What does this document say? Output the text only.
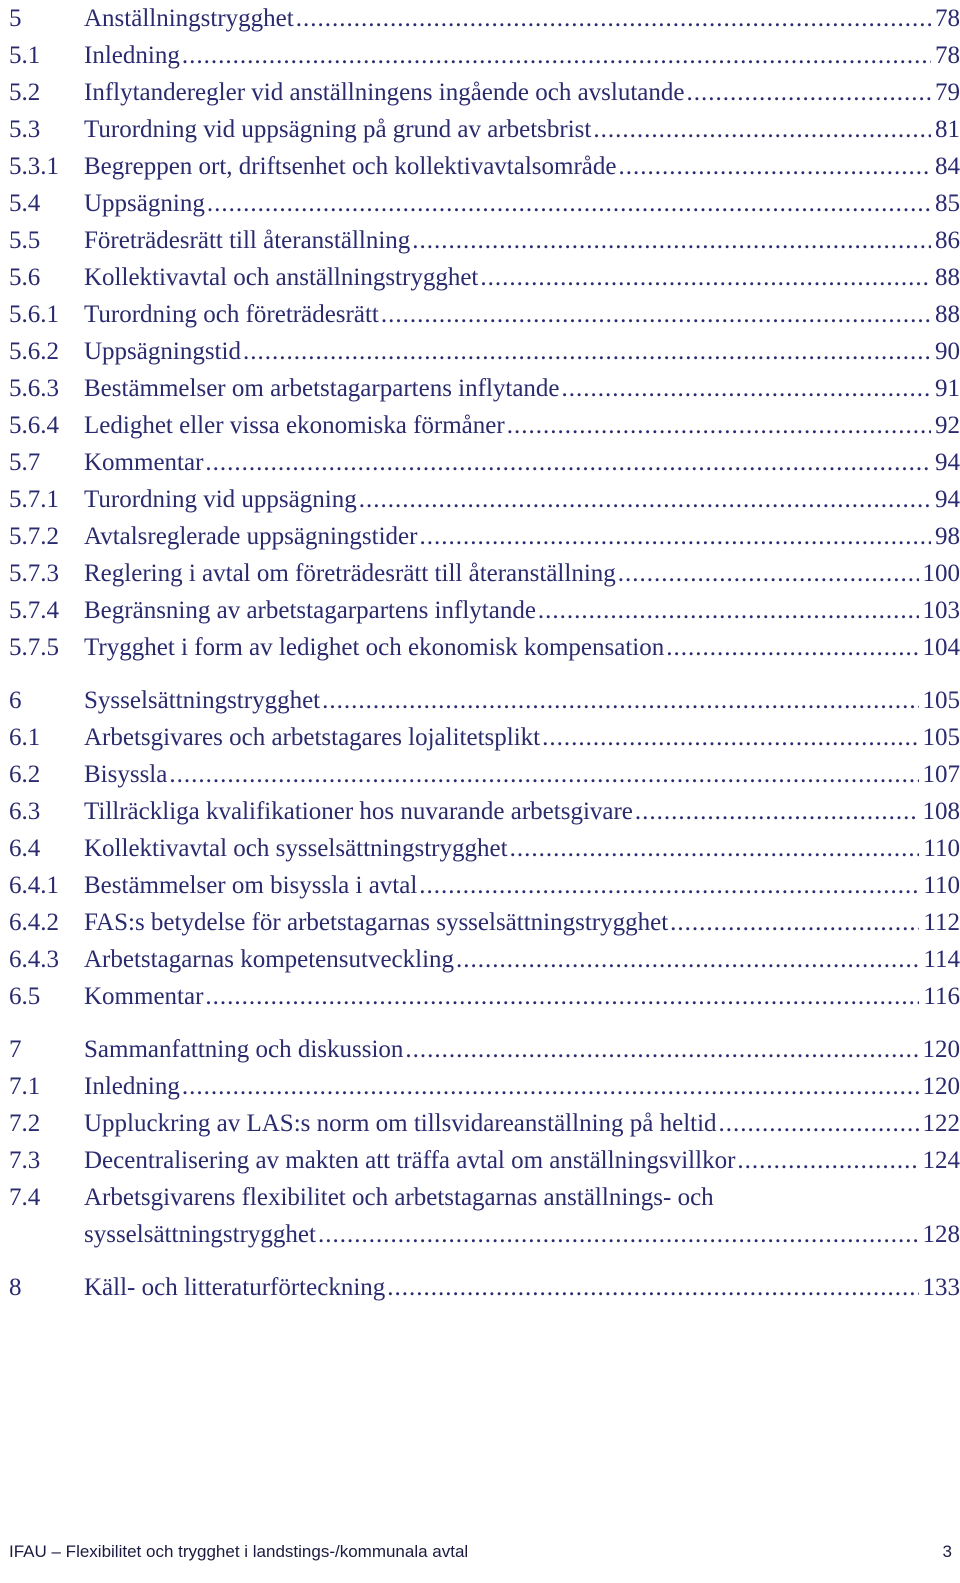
5	Anställningstrygghet .....	78
5.1	Inledning .....	78
5.2	Inflytanderegler vid anställningens ingående och avslutande .....	79
5.3	Turordning vid uppsägning på grund av arbetsbrist .....	81
5.3.1	Begreppen ort, driftsenhet och kollektivavtalsområde .....	84
5.4	Uppsägning .....	85
5.5	Företrädesrätt till återanställning .....	86
5.6	Kollektivavtal och anställningstrygghet .....	88
5.6.1	Turordning och företrädesrätt .....	88
5.6.2	Uppsägningstid .....	90
5.6.3	Bestämmelser om arbetstagarpartens inflytande .....	91
5.6.4	Ledighet eller vissa ekonomiska förmåner .....	92
5.7	Kommentar .....	94
5.7.1	Turordning vid uppsägning .....	94
5.7.2	Avtalsreglerade uppsägningstider .....	98
5.7.3	Reglering i avtal om företrädesrätt till återanställning .....	100
5.7.4	Begränsning av arbetstagarpartens inflytande .....	103
5.7.5	Trygghet i form av ledighet och ekonomisk kompensation .....	104
6	Sysselsättningstrygghet .....	105
6.1	Arbetsgivares och arbetstagares lojalitetsplikt .....	105
6.2	Bisyssla .....	107
6.3	Tillräckliga kvalifikationer hos nuvarande arbetsgivare .....	108
6.4	Kollektivavtal och sysselsättningstrygghet .....	110
6.4.1	Bestämmelser om bisyssla i avtal .....	110
6.4.2	FAS:s betydelse för arbetstagarnas sysselsättningstrygghet .....	112
6.4.3	Arbetstagarnas kompetensutveckling .....	114
6.5	Kommentar .....	116
7	Sammanfattning och diskussion .....	120
7.1	Inledning .....	120
7.2	Uppluckring av LAS:s norm om tillsvidareanställning på heltid .....	122
7.3	Decentralisering av makten att träffa avtal om anställningsvillkor .....	124
7.4	Arbetsgivarens flexibilitet och arbetstagarnas anställnings- och
sysselsättningstrygghet .....	128
8	Käll- och litteraturförteckning .....	133
IFAU – Flexibilitet och trygghet i landstings-/kommunala avtal	3
